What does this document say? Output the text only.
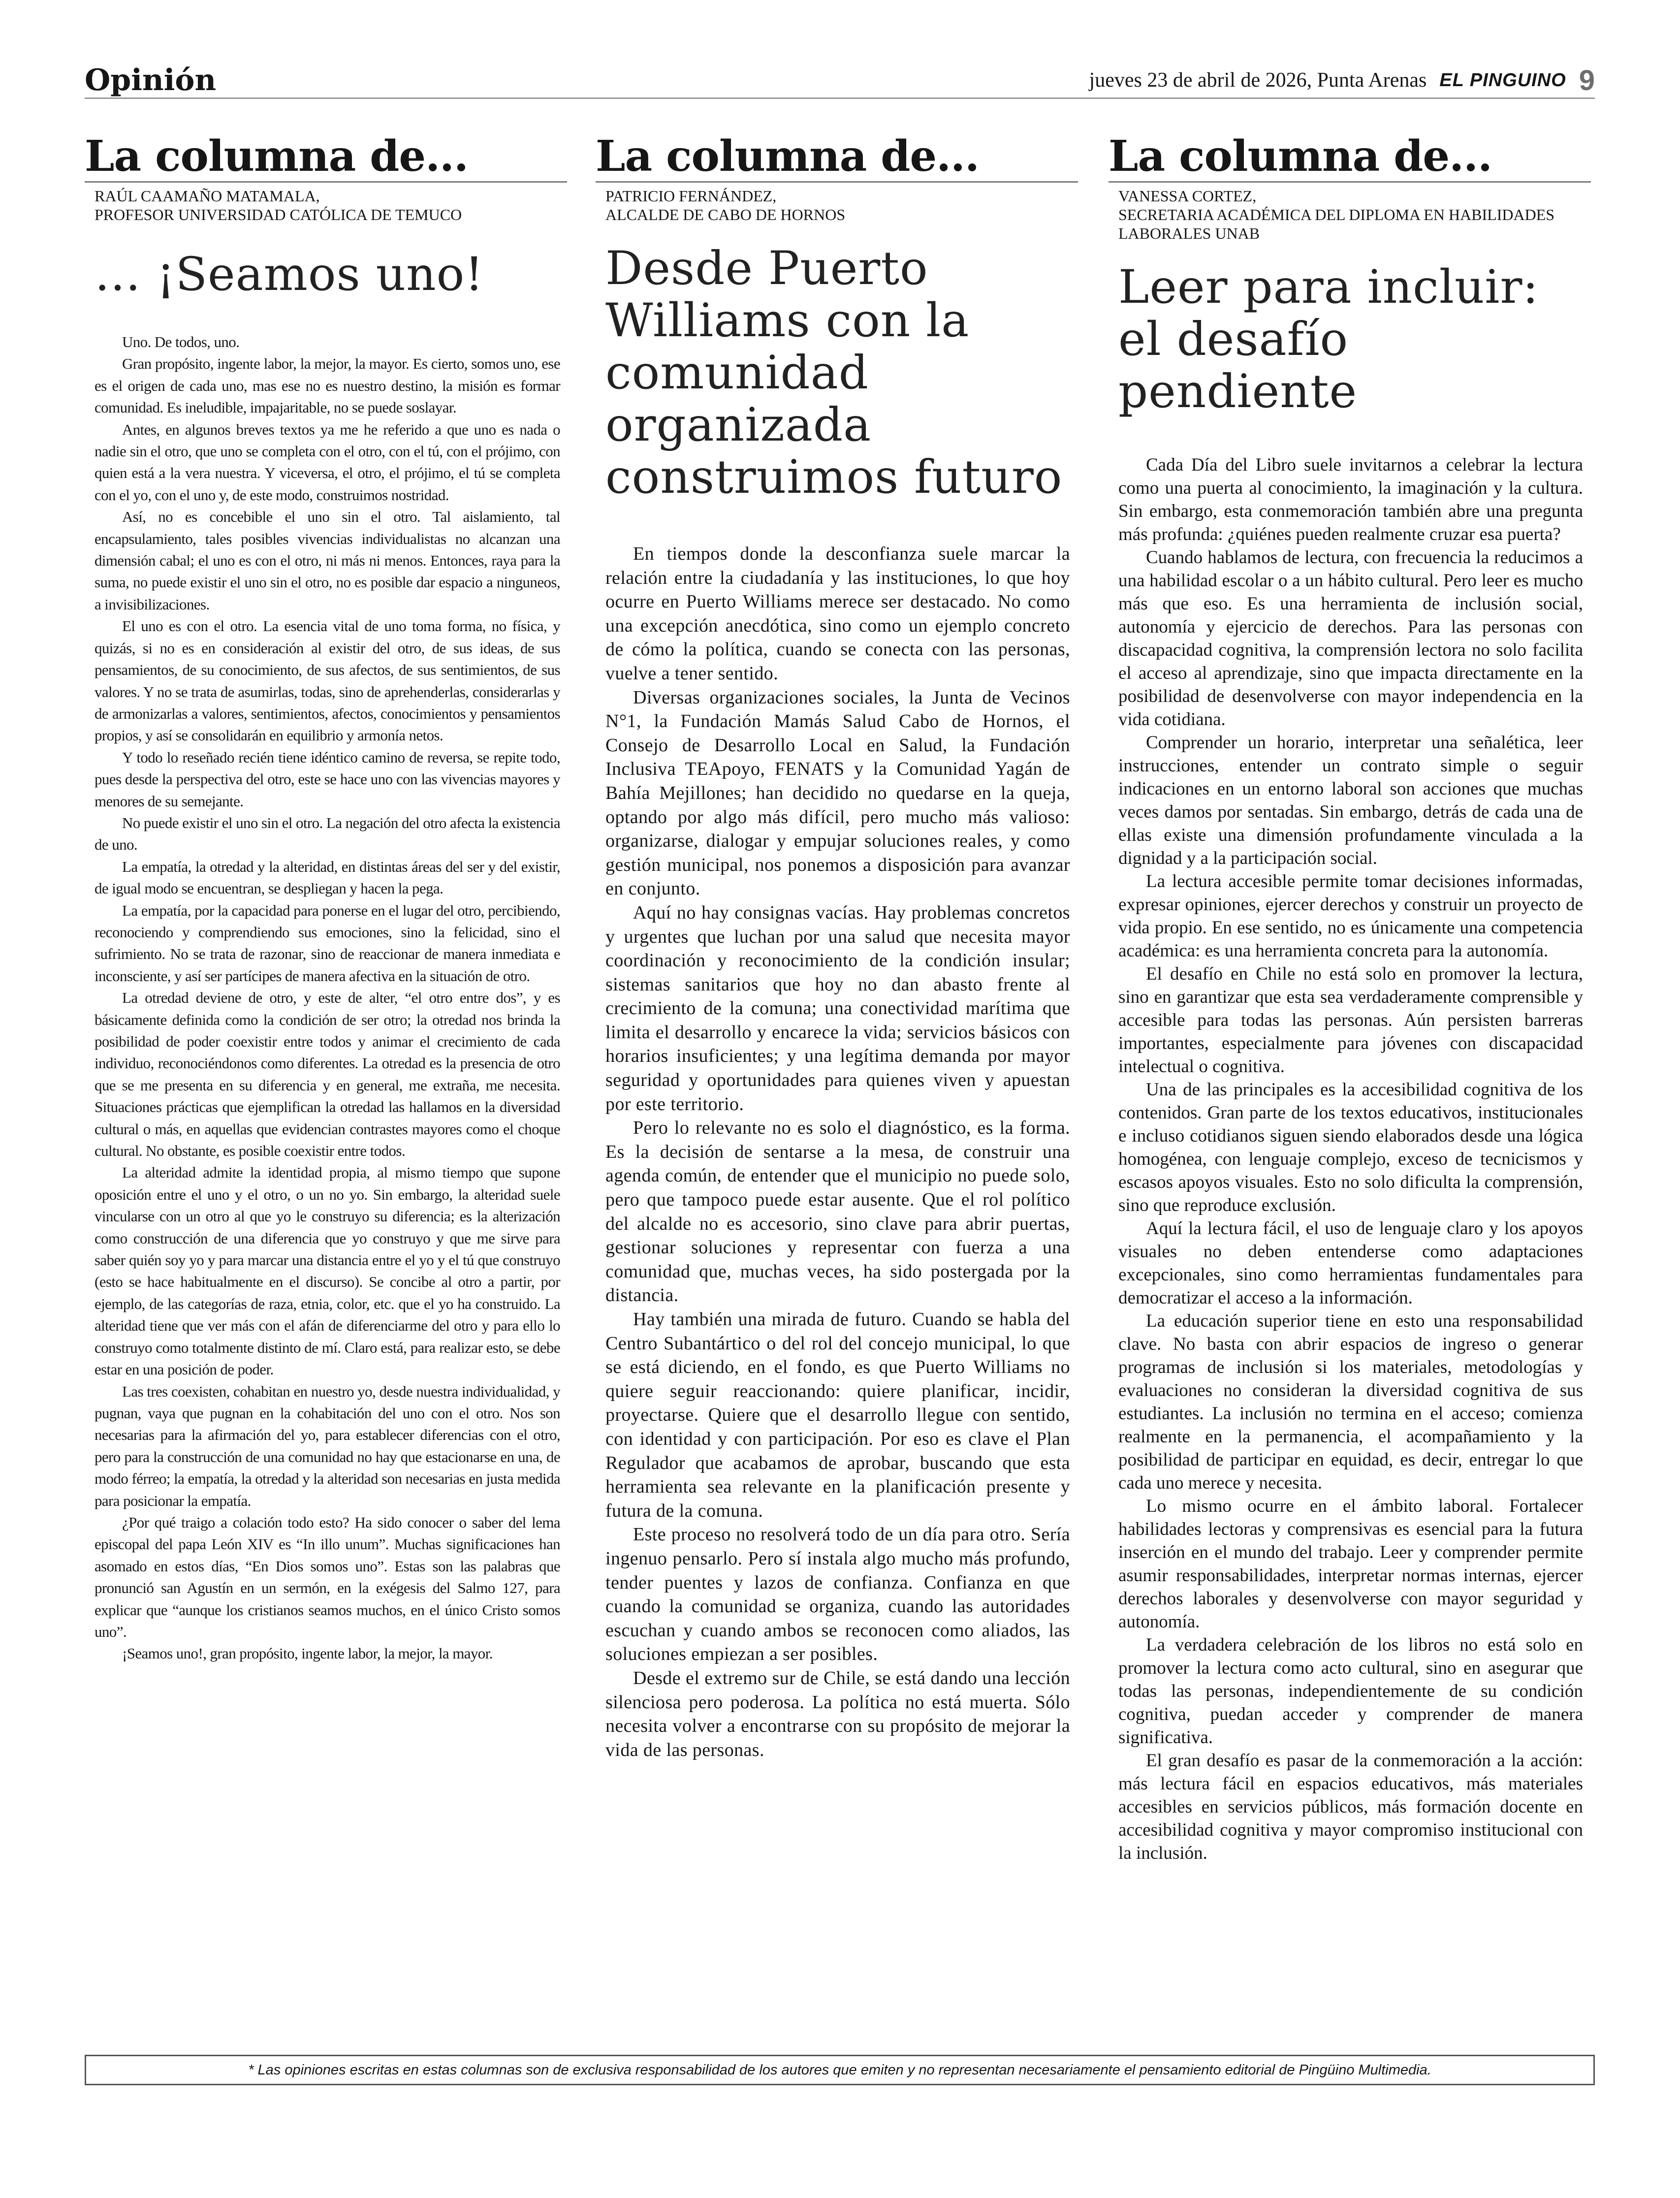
Opinión	jueves 23 de abril de 2026, Punta Arenas EL PINGUINO 9
La columna de...
RAÚL CAAMAÑO MATAMALA,
PROFESOR UNIVERSIDAD CATÓLICA DE TEMUCO
… ¡Seamos uno!

Uno. De todos, uno.

Gran propósito, ingente labor, la mejor, la mayor. Es cierto, somos uno, ese es el origen de cada uno, mas ese no es nuestro destino, la misión es formar comunidad. Es ineludible, impajaritable, no se puede soslayar.

Antes, en algunos breves textos ya me he referido a que uno es nada o nadie sin el otro, que uno se completa con el otro, con el tú, con el prójimo, con quien está a la vera nuestra. Y viceversa, el otro, el prójimo, el tú se completa con el yo, con el uno y, de este modo, construimos nostridad.

Así, no es concebible el uno sin el otro. Tal aislamiento, tal encapsulamiento, tales posibles vivencias individualistas no alcanzan una dimensión cabal; el uno es con el otro, ni más ni menos. Entonces, raya para la suma, no puede existir el uno sin el otro, no es posible dar espacio a ninguneos, a invisibilizaciones.

El uno es con el otro. La esencia vital de uno toma forma, no física, y quizás, si no es en consideración al existir del otro, de sus ideas, de sus pensamientos, de su conocimiento, de sus afectos, de sus sentimientos, de sus valores. Y no se trata de asumirlas, todas, sino de aprehenderlas, considerarlas y de armonizarlas a valores, sentimientos, afectos, conocimientos y pensamientos propios, y así se consolidarán en equilibrio y armonía netos.

Y todo lo reseñado recién tiene idéntico camino de reversa, se repite todo, pues desde la perspectiva del otro, este se hace uno con las vivencias mayores y menores de su semejante.

No puede existir el uno sin el otro. La negación del otro afecta la existencia de uno.

La empatía, la otredad y la alteridad, en distintas áreas del ser y del existir, de igual modo se encuentran, se despliegan y hacen la pega.

La empatía, por la capacidad para ponerse en el lugar del otro, percibiendo, reconociendo y comprendiendo sus emociones, sino la felicidad, sino el sufrimiento. No se trata de razonar, sino de reaccionar de manera inmediata e inconsciente, y así ser partícipes de manera afectiva en la situación de otro.

La otredad deviene de otro, y este de alter, “el otro entre dos”, y es básicamente definida como la condición de ser otro; la otredad nos brinda la posibilidad de poder coexistir entre todos y animar el crecimiento de cada individuo, reconociéndonos como diferentes. La otredad es la presencia de otro que se me presenta en su diferencia y en general, me extraña, me necesita. Situaciones prácticas que ejemplifican la otredad las hallamos en la diversidad cultural o más, en aquellas que evidencian contrastes mayores como el choque cultural. No obstante, es posible coexistir entre todos.

La alteridad admite la identidad propia, al mismo tiempo que supone oposición entre el uno y el otro, o un no yo. Sin embargo, la alteridad suele vincularse con un otro al que yo le construyo su diferencia; es la alterización como construcción de una diferencia que yo construyo y que me sirve para saber quién soy yo y para marcar una distancia entre el yo y el tú que construyo (esto se hace habitualmente en el discurso). Se concibe al otro a partir, por ejemplo, de las categorías de raza, etnia, color, etc. que el yo ha construido. La alteridad tiene que ver más con el afán de diferenciarme del otro y para ello lo construyo como totalmente distinto de mí. Claro está, para realizar esto, se debe estar en una posición de poder.

Las tres coexisten, cohabitan en nuestro yo, desde nuestra individualidad, y pugnan, vaya que pugnan en la cohabitación del uno con el otro. Nos son necesarias para la afirmación del yo, para establecer diferencias con el otro, pero para la construcción de una comunidad no hay que estacionarse en una, de modo férreo; la empatía, la otredad y la alteridad son necesarias en justa medida para posicionar la empatía.

¿Por qué traigo a colación todo esto? Ha sido conocer o saber del lema episcopal del papa León XIV es “In illo unum”. Muchas significaciones han asomado en estos días, “En Dios somos uno”. Estas son las palabras que pronunció san Agustín en un sermón, en la exégesis del Salmo 127, para explicar que “aunque los cristianos seamos muchos, en el único Cristo somos uno”.

¡Seamos uno!, gran propósito, ingente labor, la mejor, la mayor.

La columna de...
PATRICIO FERNÁNDEZ,
ALCALDE DE CABO DE HORNOS
Desde Puerto Williams con la comunidad organizada construimos futuro

En tiempos donde la desconfianza suele marcar la relación entre la ciudadanía y las instituciones, lo que hoy ocurre en Puerto Williams merece ser destacado. No como una excepción anecdótica, sino como un ejemplo concreto de cómo la política, cuando se conecta con las personas, vuelve a tener sentido.

Diversas organizaciones sociales, la Junta de Vecinos N°1, la Fundación Mamás Salud Cabo de Hornos, el Consejo de Desarrollo Local en Salud, la Fundación Inclusiva TEApoyo, FENATS y la Comunidad Yagán de Bahía Mejillones; han decidido no quedarse en la queja, optando por algo más difícil, pero mucho más valioso: organizarse, dialogar y empujar soluciones reales, y como gestión municipal, nos ponemos a disposición para avanzar en conjunto.

Aquí no hay consignas vacías. Hay problemas concretos y urgentes que luchan por una salud que necesita mayor coordinación y reconocimiento de la condición insular; sistemas sanitarios que hoy no dan abasto frente al crecimiento de la comuna; una conectividad marítima que limita el desarrollo y encarece la vida; servicios básicos con horarios insuficientes; y una legítima demanda por mayor seguridad y oportunidades para quienes viven y apuestan por este territorio.

Pero lo relevante no es solo el diagnóstico, es la forma. Es la decisión de sentarse a la mesa, de construir una agenda común, de entender que el municipio no puede solo, pero que tampoco puede estar ausente. Que el rol político del alcalde no es accesorio, sino clave para abrir puertas, gestionar soluciones y representar con fuerza a una comunidad que, muchas veces, ha sido postergada por la distancia.

Hay también una mirada de futuro. Cuando se habla del Centro Subantártico o del rol del concejo municipal, lo que se está diciendo, en el fondo, es que Puerto Williams no quiere seguir reaccionando: quiere planificar, incidir, proyectarse. Quiere que el desarrollo llegue con sentido, con identidad y con participación. Por eso es clave el Plan Regulador que acabamos de aprobar, buscando que esta herramienta sea relevante en la planificación presente y futura de la comuna.

Este proceso no resolverá todo de un día para otro. Sería ingenuo pensarlo. Pero sí instala algo mucho más profundo, tender puentes y lazos de confianza. Confianza en que cuando la comunidad se organiza, cuando las autoridades escuchan y cuando ambos se reconocen como aliados, las soluciones empiezan a ser posibles.

Desde el extremo sur de Chile, se está dando una lección silenciosa pero poderosa. La política no está muerta. Sólo necesita volver a encontrarse con su propósito de mejorar la vida de las personas.

La columna de...
VANESSA CORTEZ,
SECRETARIA ACADÉMICA DEL DIPLOMA EN HABILIDADES LABORALES UNAB
Leer para incluir: el desafío pendiente

Cada Día del Libro suele invitarnos a celebrar la lectura como una puerta al conocimiento, la imaginación y la cultura. Sin embargo, esta conmemoración también abre una pregunta más profunda: ¿quiénes pueden realmente cruzar esa puerta?

Cuando hablamos de lectura, con frecuencia la reducimos a una habilidad escolar o a un hábito cultural. Pero leer es mucho más que eso. Es una herramienta de inclusión social, autonomía y ejercicio de derechos. Para las personas con discapacidad cognitiva, la comprensión lectora no solo facilita el acceso al aprendizaje, sino que impacta directamente en la posibilidad de desenvolverse con mayor independencia en la vida cotidiana.

Comprender un horario, interpretar una señalética, leer instrucciones, entender un contrato simple o seguir indicaciones en un entorno laboral son acciones que muchas veces damos por sentadas. Sin embargo, detrás de cada una de ellas existe una dimensión profundamente vinculada a la dignidad y a la participación social.

La lectura accesible permite tomar decisiones informadas, expresar opiniones, ejercer derechos y construir un proyecto de vida propio. En ese sentido, no es únicamente una competencia académica: es una herramienta concreta para la autonomía.

El desafío en Chile no está solo en promover la lectura, sino en garantizar que esta sea verdaderamente comprensible y accesible para todas las personas. Aún persisten barreras importantes, especialmente para jóvenes con discapacidad intelectual o cognitiva.

Una de las principales es la accesibilidad cognitiva de los contenidos. Gran parte de los textos educativos, institucionales e incluso cotidianos siguen siendo elaborados desde una lógica homogénea, con lenguaje complejo, exceso de tecnicismos y escasos apoyos visuales. Esto no solo dificulta la comprensión, sino que reproduce exclusión.

Aquí la lectura fácil, el uso de lenguaje claro y los apoyos visuales no deben entenderse como adaptaciones excepcionales, sino como herramientas fundamentales para democratizar el acceso a la información.

La educación superior tiene en esto una responsabilidad clave. No basta con abrir espacios de ingreso o generar programas de inclusión si los materiales, metodologías y evaluaciones no consideran la diversidad cognitiva de sus estudiantes. La inclusión no termina en el acceso; comienza realmente en la permanencia, el acompañamiento y la posibilidad de participar en equidad, es decir, entregar lo que cada uno merece y necesita.

Lo mismo ocurre en el ámbito laboral. Fortalecer habilidades lectoras y comprensivas es esencial para la futura inserción en el mundo del trabajo. Leer y comprender permite asumir responsabilidades, interpretar normas internas, ejercer derechos laborales y desenvolverse con mayor seguridad y autonomía.

La verdadera celebración de los libros no está solo en promover la lectura como acto cultural, sino en asegurar que todas las personas, independientemente de su condición cognitiva, puedan acceder y comprender de manera significativa.

El gran desafío es pasar de la conmemoración a la acción: más lectura fácil en espacios educativos, más materiales accesibles en servicios públicos, más formación docente en accesibilidad cognitiva y mayor compromiso institucional con la inclusión.

* Las opiniones escritas en estas columnas son de exclusiva responsabilidad de los autores que emiten y no representan necesariamente el pensamiento editorial de Pingüino Multimedia.
